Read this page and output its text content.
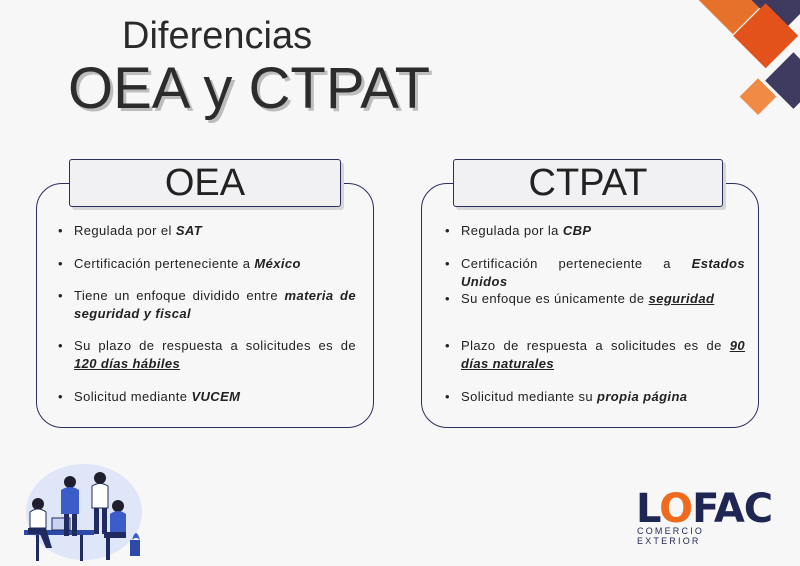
Diferencias
OEA y CTPAT
OEA	CTPAT
• Regulada por el SAT
• Certificación perteneciente a México
• Tiene un enfoque dividido entre materia de seguridad y fiscal
• Su plazo de respuesta a solicitudes es de 120 días hábiles
• Solicitud mediante VUCEM
• Regulada por la CBP
• Certificación perteneciente a Estados Unidos
• Su enfoque es únicamente de seguridad
• Plazo de respuesta a solicitudes es de 90 días naturales
• Solicitud mediante su propia página
LOFAC
COMERCIO EXTERIOR
